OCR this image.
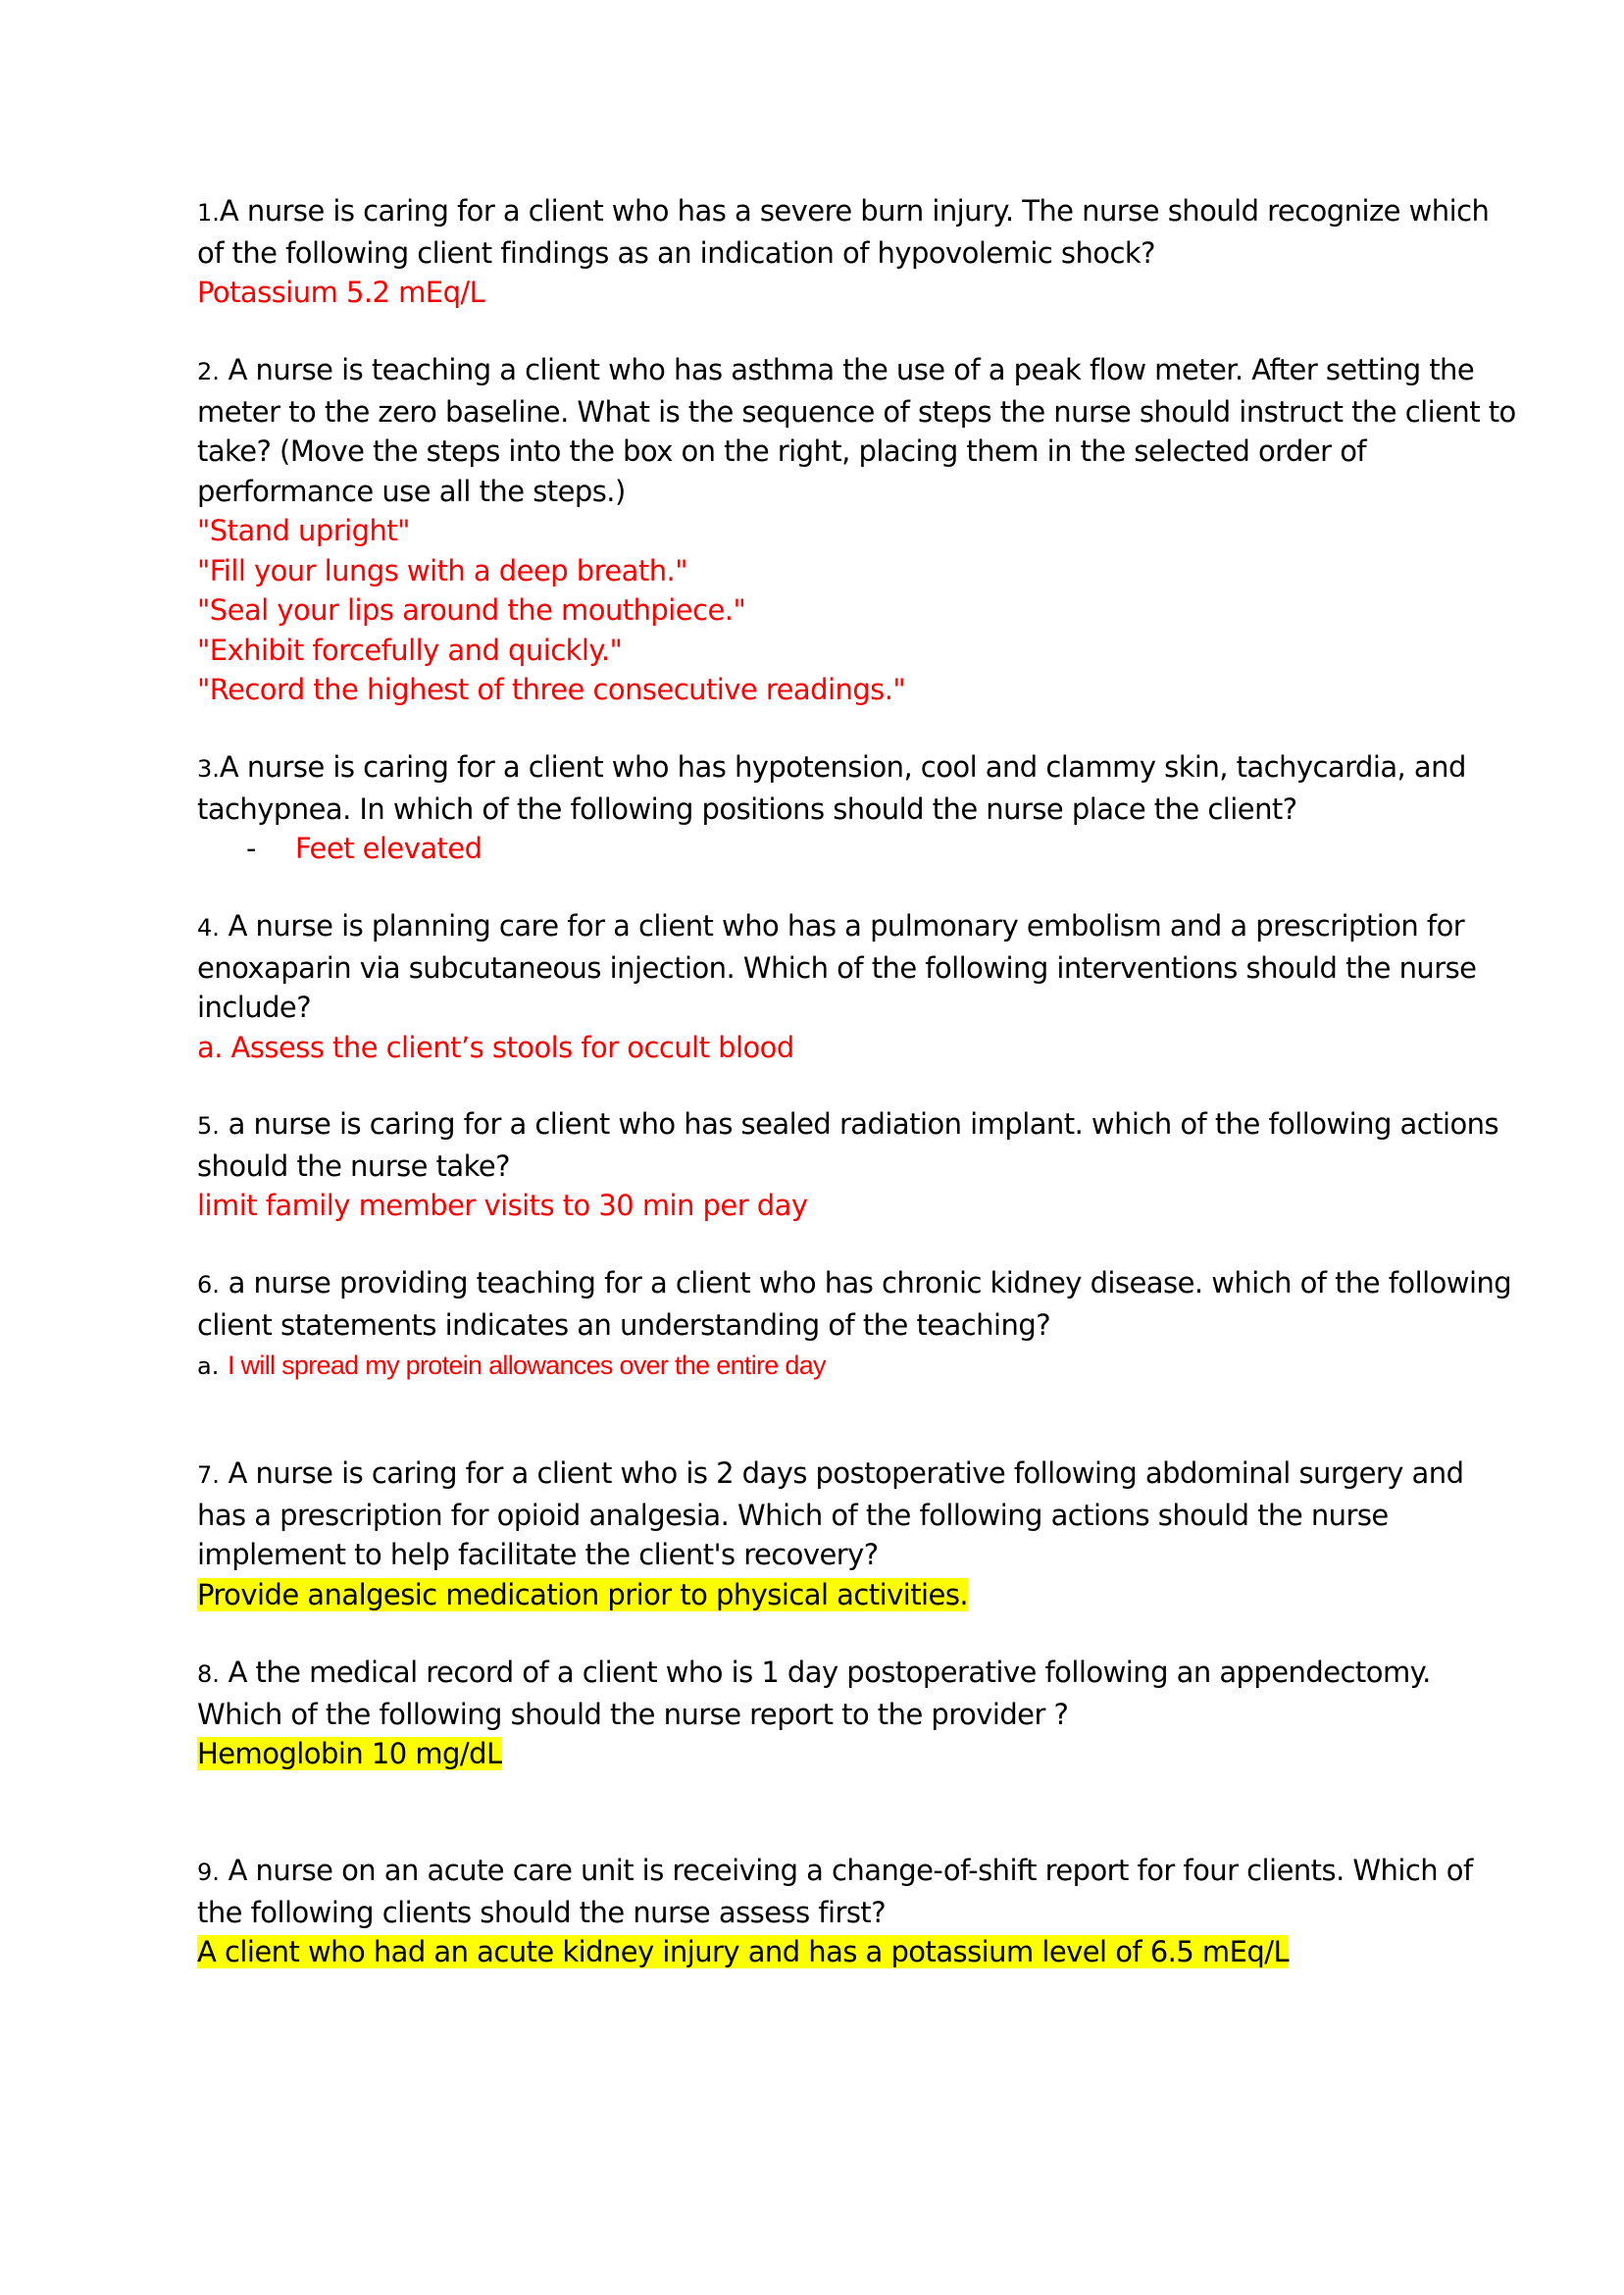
1.A nurse is caring for a client who has a severe burn injury. The nurse should recognize which
of the following client findings as an indication of hypovolemic shock?
Potassium 5.2 mEq/L
2. A nurse is teaching a client who has asthma the use of a peak flow meter. After setting the
meter to the zero baseline. What is the sequence of steps the nurse should instruct the client to
take? (Move the steps into the box on the right, placing them in the selected order of
performance use all the steps.)
"Stand upright"
"Fill your lungs with a deep breath."
"Seal your lips around the mouthpiece."
"Exhibit forcefully and quickly."
"Record the highest of three consecutive readings."
3.A nurse is caring for a client who has hypotension, cool and clammy skin, tachycardia, and
tachypnea. In which of the following positions should the nurse place the client?
- Feet elevated
4. A nurse is planning care for a client who has a pulmonary embolism and a prescription for
enoxaparin via subcutaneous injection. Which of the following interventions should the nurse
include?
a. Assess the client’s stools for occult blood
5. a nurse is caring for a client who has sealed radiation implant. which of the following actions
should the nurse take?
limit family member visits to 30 min per day
6. a nurse providing teaching for a client who has chronic kidney disease. which of the following
client statements indicates an understanding of the teaching?
a. I will spread my protein allowances over the entire day
7. A nurse is caring for a client who is 2 days postoperative following abdominal surgery and
has a prescription for opioid analgesia. Which of the following actions should the nurse
implement to help facilitate the client's recovery?
Provide analgesic medication prior to physical activities.
8. A the medical record of a client who is 1 day postoperative following an appendectomy.
Which of the following should the nurse report to the provider ?
Hemoglobin 10 mg/dL
9. A nurse on an acute care unit is receiving a change-of-shift report for four clients. Which of
the following clients should the nurse assess first?
A client who had an acute kidney injury and has a potassium level of 6.5 mEq/L
